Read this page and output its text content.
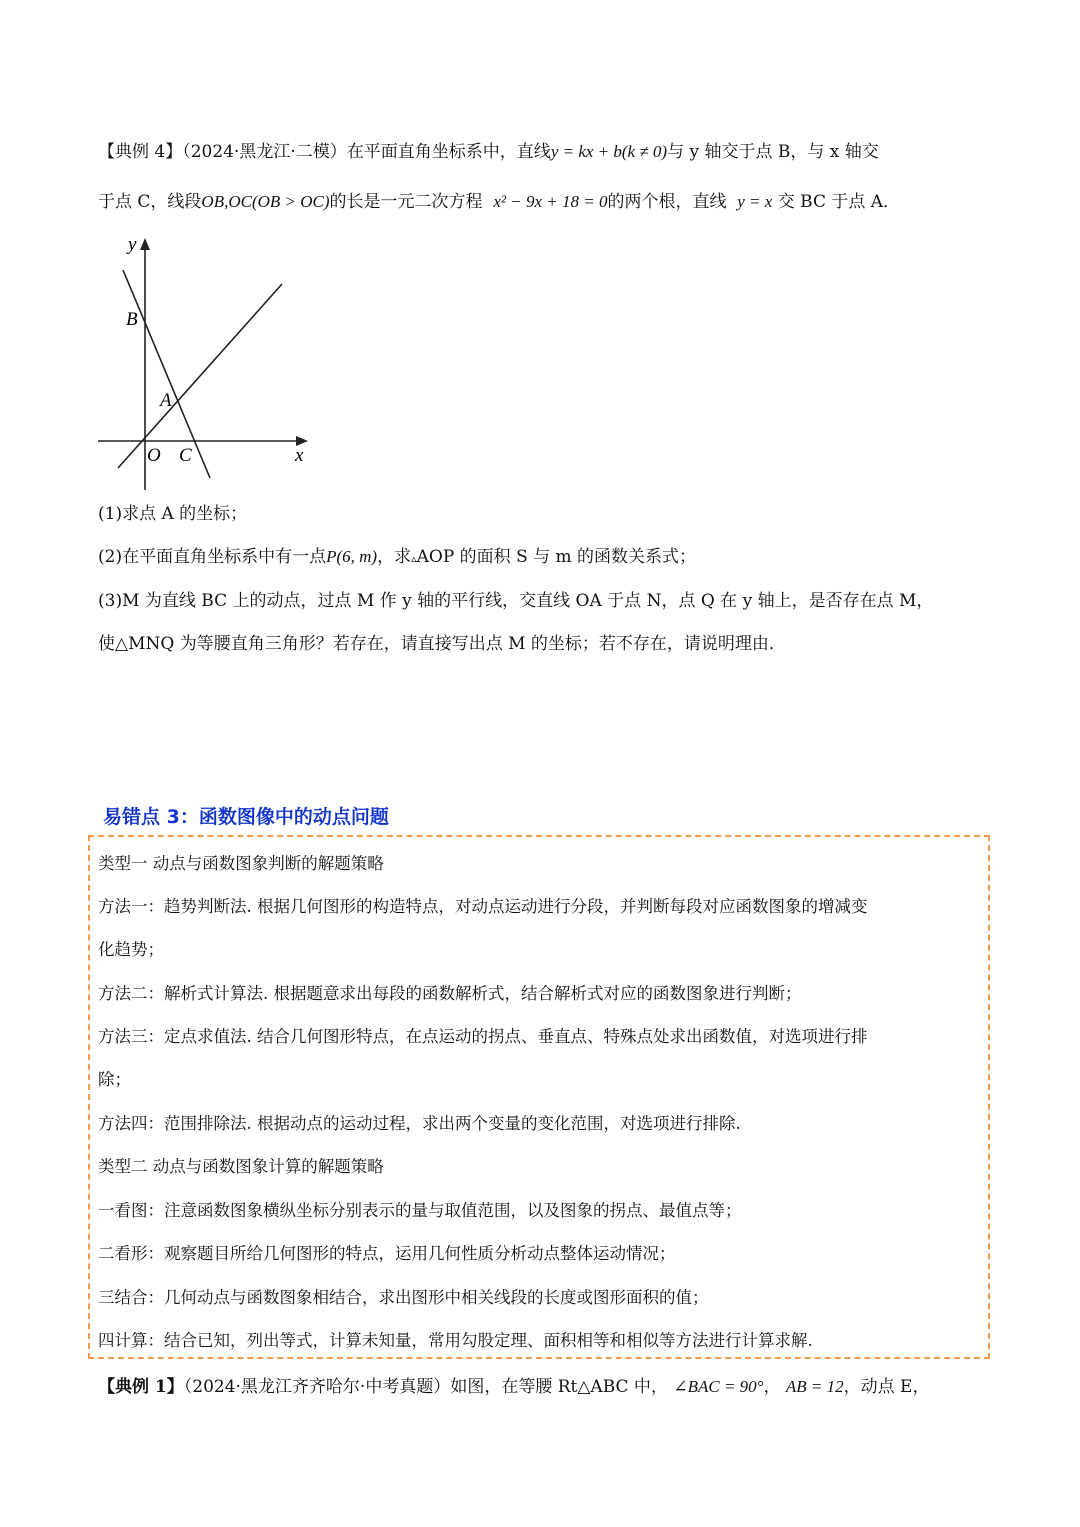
【典例 4】（2024·黑龙江·二模）在平面直角坐标系中，直线y = kx + b(k ≠ 0)与 y 轴交于点 B，与 x 轴交
于点 C，线段OB,OC(OB > OC)的长是一元二次方程 x² − 9x + 18 = 0的两个根，直线 y = x 交 BC 于点 A．
y
x
O C
B
A
(1)求点 A 的坐标；
(2)在平面直角坐标系中有一点P(6, m)，求▵AOP 的面积 S 与 m 的函数关系式；
(3)M 为直线 BC 上的动点，过点 M 作 y 轴的平行线，交直线 OA 于点 N，点 Q 在 y 轴上，是否存在点 M，
使△MNQ 为等腰直角三角形？若存在，请直接写出点 M 的坐标；若不存在，请说明理由．
易错点 3：函数图像中的动点问题
类型一 动点与函数图象判断的解题策略
方法一：趋势判断法. 根据几何图形的构造特点，对动点运动进行分段，并判断每段对应函数图象的增减变
化趋势；
方法二：解析式计算法. 根据题意求出每段的函数解析式，结合解析式对应的函数图象进行判断；
方法三：定点求值法. 结合几何图形特点，在点运动的拐点、垂直点、特殊点处求出函数值，对选项进行排
除；
方法四：范围排除法. 根据动点的运动过程，求出两个变量的变化范围，对选项进行排除.
类型二 动点与函数图象计算的解题策略
一看图：注意函数图象横纵坐标分别表示的量与取值范围，以及图象的拐点、最值点等；
二看形：观察题目所给几何图形的特点，运用几何性质分析动点整体运动情况；
三结合：几何动点与函数图象相结合，求出图形中相关线段的长度或图形面积的值；
四计算：结合已知，列出等式，计算未知量，常用勾股定理、面积相等和相似等方法进行计算求解.
【典例 1】（2024·黑龙江齐齐哈尔·中考真题）如图，在等腰 Rt△ABC 中， ∠BAC = 90°， AB = 12，动点 E，
